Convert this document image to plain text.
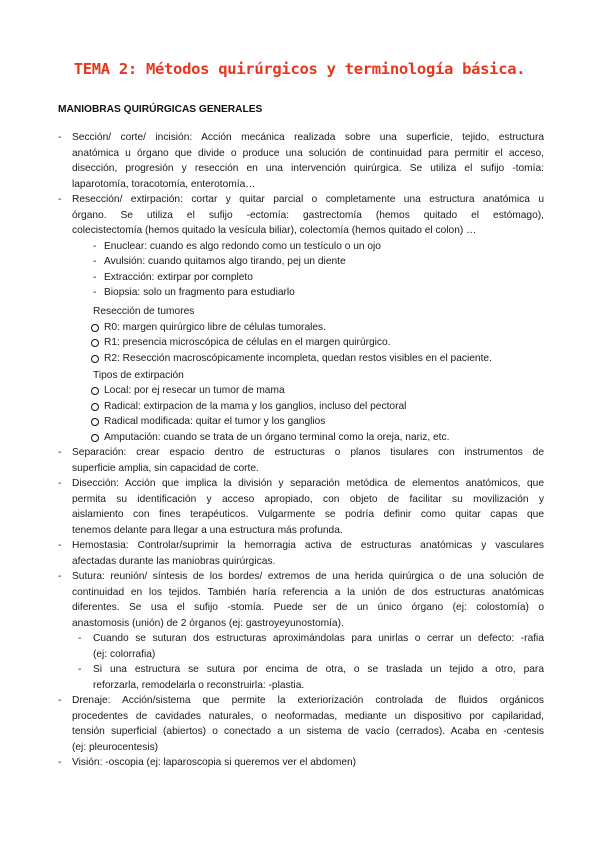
TEMA 2: Métodos quirúrgicos y terminología básica.
MANIOBRAS QUIRÚRGICAS GENERALES
- Sección/ corte/ incisión: Acción mecánica realizada sobre una superficie, tejido, estructura
anatómica u órgano que divide o produce una solución de continuidad para permitir el acceso,
disección, progresión y resección en una intervención quirúrgica. Se utiliza el sufijo -tomía:
laparotomía, toracotomía, enterotomía…
- Resección/ extirpación: cortar y quitar parcial o completamente una estructura anatómica u
órgano. Se utiliza el sufijo -ectomía: gastrectomía (hemos quitado el estómago),
colecistectomía (hemos quitado la vesícula biliar), colectomía (hemos quitado el colon) …
- Enuclear: cuando es algo redondo como un testículo o un ojo
- Avulsión: cuando quitamos algo tirando, pej un diente
- Extracción: extirpar por completo
- Biopsia: solo un fragmento para estudiarlo
Resección de tumores
R0: margen quirúrgico libre de células tumorales.
R1: presencia microscópica de células en el margen quirúrgico.
R2: Resección macroscópicamente incompleta, quedan restos visibles en el paciente.
Tipos de extirpación
Local: por ej resecar un tumor de mama
Radical: extirpacion de la mama y los ganglios, incluso del pectoral
Radical modificada: quitar el tumor y los ganglios
Amputación: cuando se trata de un órgano terminal como la oreja, nariz, etc.
- Separación: crear espacio dentro de estructuras o planos tisulares con instrumentos de
superficie amplia, sin capacidad de corte.
- Disección: Acción que implica la división y separación metódica de elementos anatómicos, que
permita su identificación y acceso apropiado, con objeto de facilitar su movilización y
aislamiento con fines terapéuticos. Vulgarmente se podría definir como quitar capas que
tenemos delante para llegar a una estructura más profunda.
- Hemostasia: Controlar/suprimir la hemorragia activa de estructuras anatómicas y vasculares
afectadas durante las maniobras quirúrgicas.
- Sutura: reunión/ síntesis de los bordes/ extremos de una herida quirúrgica o de una solución de
continuidad en los tejidos. También haría referencia a la unión de dos estructuras anatómicas
diferentes. Se usa el sufijo -stomía. Puede ser de un único órgano (ej: colostomía) o
anastomosis (unión) de 2 órganos (ej: gastroyeyunostomía).
- Cuando se suturan dos estructuras aproximándolas para unirlas o cerrar un defecto: -rafia
(ej: colorrafia)
- Si una estructura se sutura por encima de otra, o se traslada un tejido a otro, para
reforzarla, remodelarla o reconstruirla: -plastia.
- Drenaje: Acción/sistema que permite la exteriorización controlada de fluidos orgánicos
procedentes de cavidades naturales, o neoformadas, mediante un dispositivo por capilaridad,
tensión superficial (abiertos) o conectado a un sistema de vacío (cerrados). Acaba en -centesis
(ej: pleurocentesis)
- Visión: -oscopia (ej: laparoscopia si queremos ver el abdomen)
